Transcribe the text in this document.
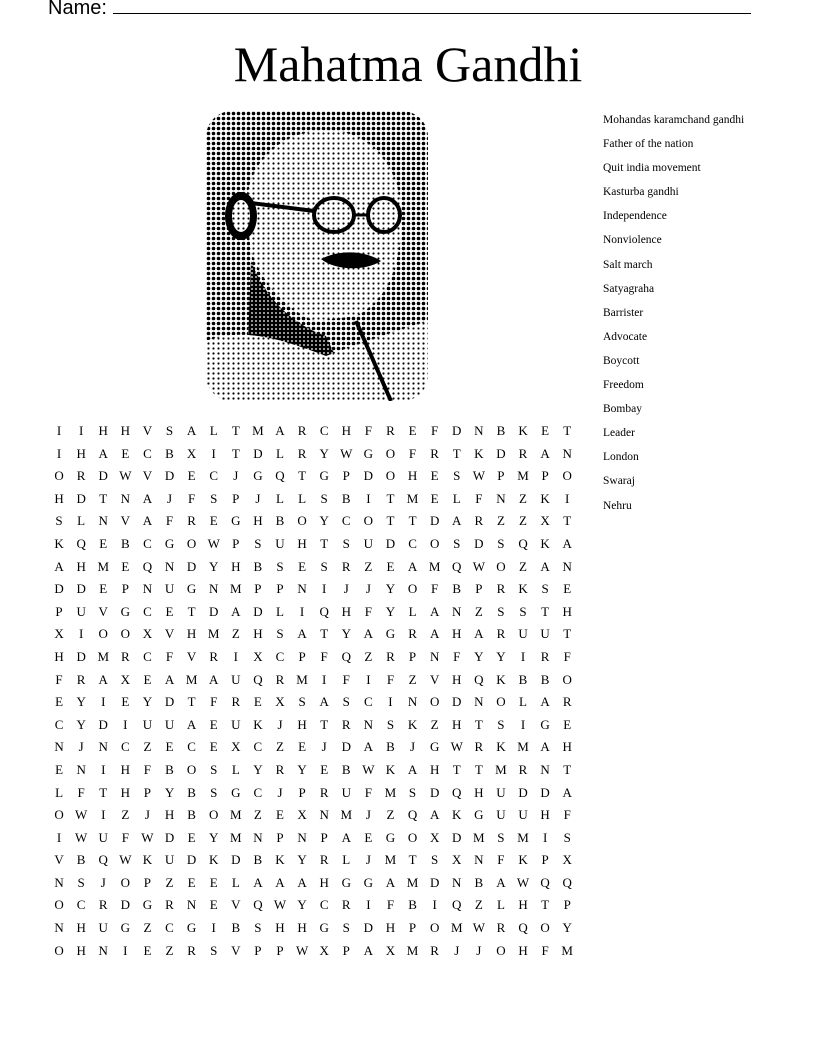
Name:
Mahatma Gandhi
I	I	H H V	S	A	L	T M A	R	C	H	F	R	E	F	D N	B	K	E	T
I	H A	E	C	B	X	I	T	D	L	R	Y W G O	F	R	T	K D	R	A N
O	R	D W V D	E	C	J	G Q	T	G	P	D O H	E	S W P M P	O
H D	T	N A	J	F	S	P	J	L	L	S	B	I	T M E	L	F	N	Z	K	I
S	L	N V A	F	R	E	G H	B	O Y	C	O	T	T	D A	R	Z	Z	X	T
K Q	E	B	C	G O W P	S	U H	T	S	U D	C	O	S	D	S	Q K A
A H M E	Q N D Y H	B	S	E	S	R	Z	E	A M Q W O	Z	A N
D D	E	P	N U G N M P	P	N	I	J	J	Y O	F	B	P	R	K	S	E
P	U V G	C	E	T	D A D	L	I	Q H	F	Y	L	A N	Z	S	S	T	H
X	I	O O X V H M Z	H	S	A	T	Y A G	R	A H A	R	U U	T
H D M R	C	F	V	R	I	X	C	P	F	Q	Z	R	P	N	F	Y Y	I	R	F
F	R	A X	E	A M A U Q	R M	I	F	I	F	Z	V H Q K	B	B	O
E	Y	I	E	Y D	T	F	R	E	X	S	A	S	C	I	N O D N O	L	A	R
C	Y D	I	U U A	E	U K	J	H	T	R	N	S	K	Z	H	T	S	I	G	E
N	J	N	C	Z	E	C	E	X	C	Z	E	J	D A	B	J	G W R	K M A H
E	N	I	H	F	B	O	S	L	Y	R	Y	E	B W K A H	T	T M R	N	T
L	F	T	H	P	Y	B	S	G	C	J	P	R	U	F M S	D Q H U D D A
O W	I	Z	J	H	B	O M Z	E	X N M	J	Z	Q A K G U U H	F
I	W U	F W D	E	Y M N	P	N	P	A	E	G O X D M S M	I	S
V	B	Q W K U D K D	B	K Y	R	L	J	M T	S	X N	F	K	P	X
N	S	J	O	P	Z	E	E	L	A A A H G G A M D N	B	A W Q Q
O	C	R	D G	R	N	E	V Q W Y	C	R	I	F	B	I	Q	Z	L	H	T	P
N H U G	Z	C	G	I	B	S	H H G	S	D H	P	O M W R	Q O Y
O H N	I	E	Z	R	S	V	P	P W X	P	A X M R	J	J	O H	F M
Mohandas karamchand gandhi
Father of the nation
Quit india movement
Kasturba gandhi
Independence
Nonviolence
Salt march
Satyagraha
Barrister
Advocate
Boycott
Freedom
Bombay
Leader
London
Swaraj
Nehru
